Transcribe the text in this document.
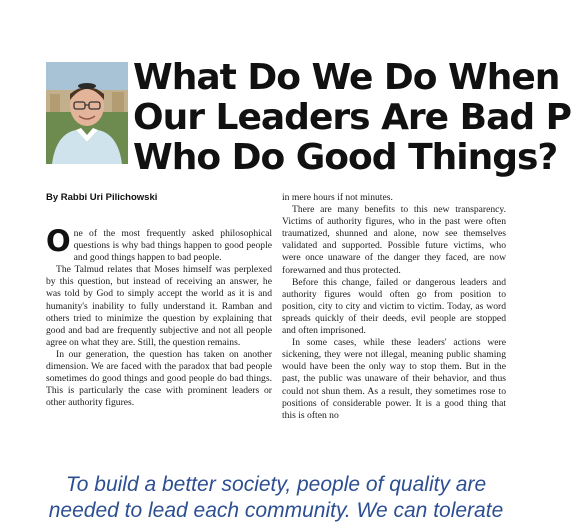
What Do We Do When
Our Leaders Are Bad P
Who Do Good Things?
By Rabbi Uri Pilichowski

One of the most frequently asked philosophical questions is why bad things happen to good people and good things happen to bad people.

The Talmud relates that Moses himself was perplexed by this question, but instead of receiving an answer, he was told by God to simply accept the world as it is and humanity's inability to fully understand it. Ramban and others tried to minimize the question by explaining that good and bad are frequently subjective and not all people agree on what they are. Still, the question remains.

In our generation, the question has taken on another dimension. We are faced with the paradox that bad people sometimes do good things and good people do bad things. This is particularly the case with prominent leaders or other authority figures.

in mere hours if not minutes.

There are many benefits to this new transparency. Victims of authority figures, who in the past were often traumatized, shunned and alone, now see themselves validated and supported. Possible future victims, who were once unaware of the danger they faced, are now forewarned and thus protected.

Before this change, failed or dangerous leaders and authority figures would often go from position to position, city to city and victim to victim. Today, as word spreads quickly of their deeds, evil people are stopped and often imprisoned.

In some cases, while these leaders' actions were sickening, they were not illegal, meaning public shaming would have been the only way to stop them. But in the past, the public was unaware of their behavior, and thus could not shun them. As a result, they sometimes rose to positions of considerable power. It is a good thing that this is often no

To build a better society, people of quality are
needed to lead each community. We can tolerate
